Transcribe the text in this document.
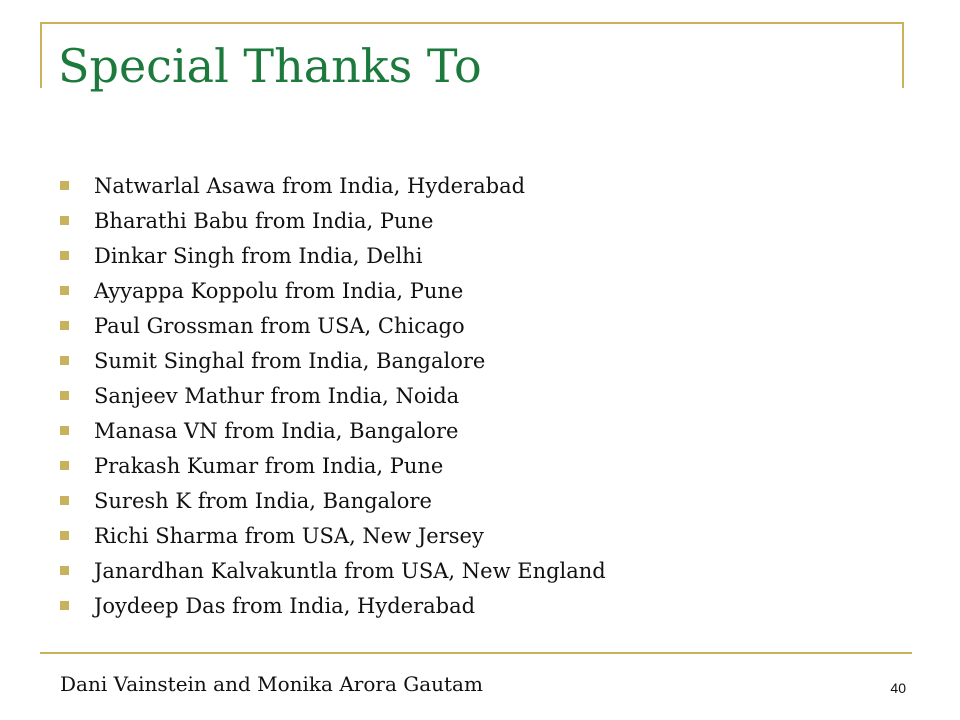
Special Thanks To
Natwarlal Asawa from India, Hyderabad
Bharathi Babu from India, Pune
Dinkar Singh from India, Delhi
Ayyappa Koppolu from India, Pune
Paul Grossman from USA, Chicago
Sumit Singhal from India, Bangalore
Sanjeev Mathur from India, Noida
Manasa VN from India, Bangalore
Prakash Kumar from India, Pune
Suresh K from India, Bangalore
Richi Sharma from USA, New Jersey
Janardhan Kalvakuntla from USA, New England
Joydeep Das from India, Hyderabad
Dani Vainstein and Monika Arora Gautam	40
